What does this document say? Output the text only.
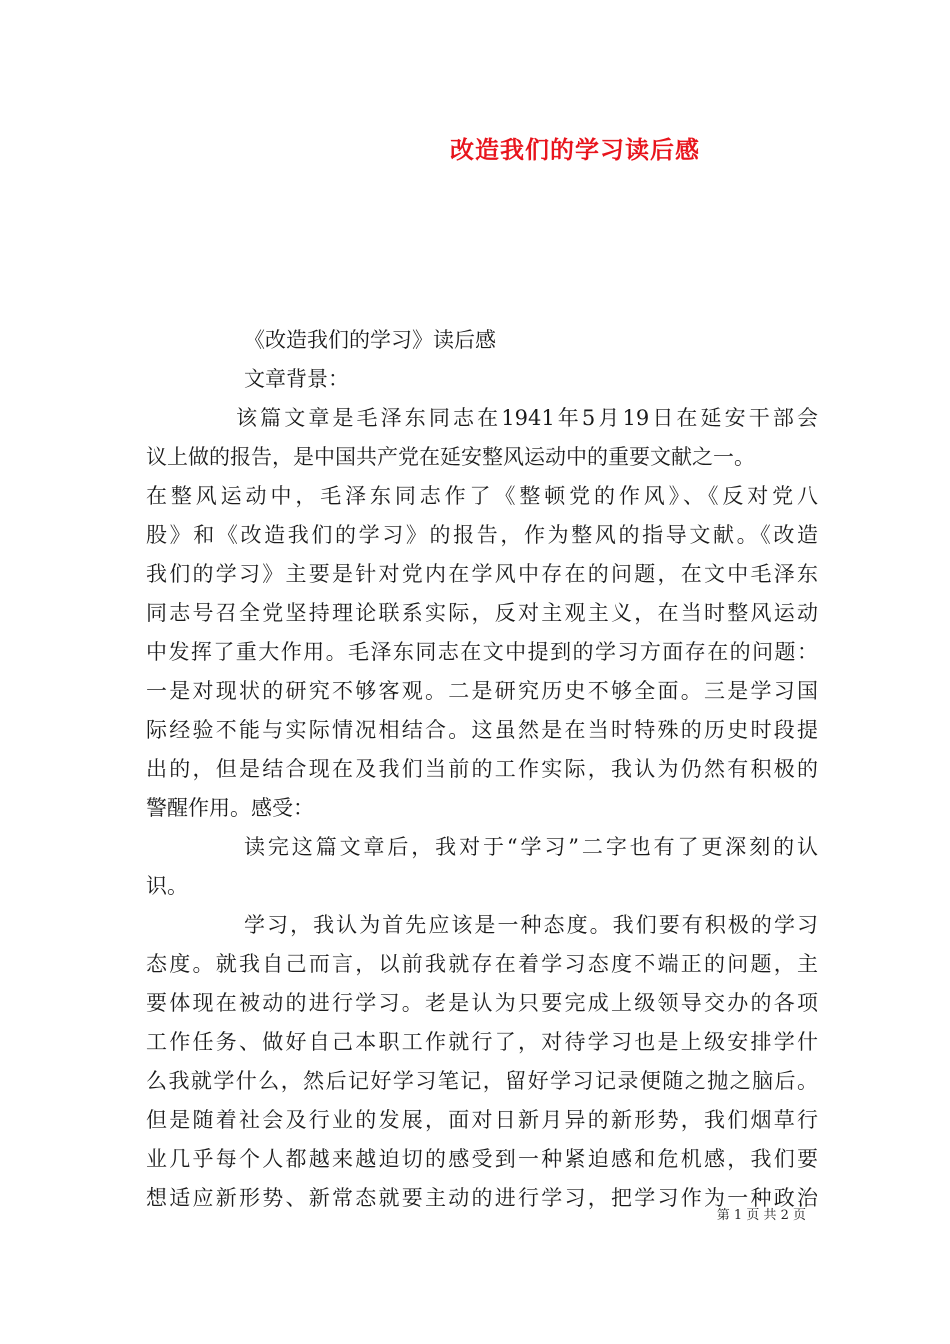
改造我们的学习读后感
《改造我们的学习》读后感
文章背景：
该篇文章是毛泽东同志在1941年5月19日在延安干部会
议上做的报告，是中国共产党在延安整风运动中的重要文献之一。
在整风运动中，毛泽东同志作了《整顿党的作风》、《反对党八
股》和《改造我们的学习》的报告，作为整风的指导文献。《改造
我们的学习》主要是针对党内在学风中存在的问题，在文中毛泽东
同志号召全党坚持理论联系实际，反对主观主义，在当时整风运动
中发挥了重大作用。毛泽东同志在文中提到的学习方面存在的问题：
一是对现状的研究不够客观。二是研究历史不够全面。三是学习国
际经验不能与实际情况相结合。这虽然是在当时特殊的历史时段提
出的，但是结合现在及我们当前的工作实际，我认为仍然有积极的
警醒作用。感受：
读完这篇文章后，我对于“学习”二字也有了更深刻的认
识。
学习，我认为首先应该是一种态度。我们要有积极的学习
态度。就我自己而言，以前我就存在着学习态度不端正的问题，主
要体现在被动的进行学习。老是认为只要完成上级领导交办的各项
工作任务、做好自己本职工作就行了，对待学习也是上级安排学什
么我就学什么，然后记好学习笔记，留好学习记录便随之抛之脑后。
但是随着社会及行业的发展，面对日新月异的新形势，我们烟草行
业几乎每个人都越来越迫切的感受到一种紧迫感和危机感，我们要
想适应新形势、新常态就要主动的进行学习，把学习作为一种政治
第 1 页 共 2 页
